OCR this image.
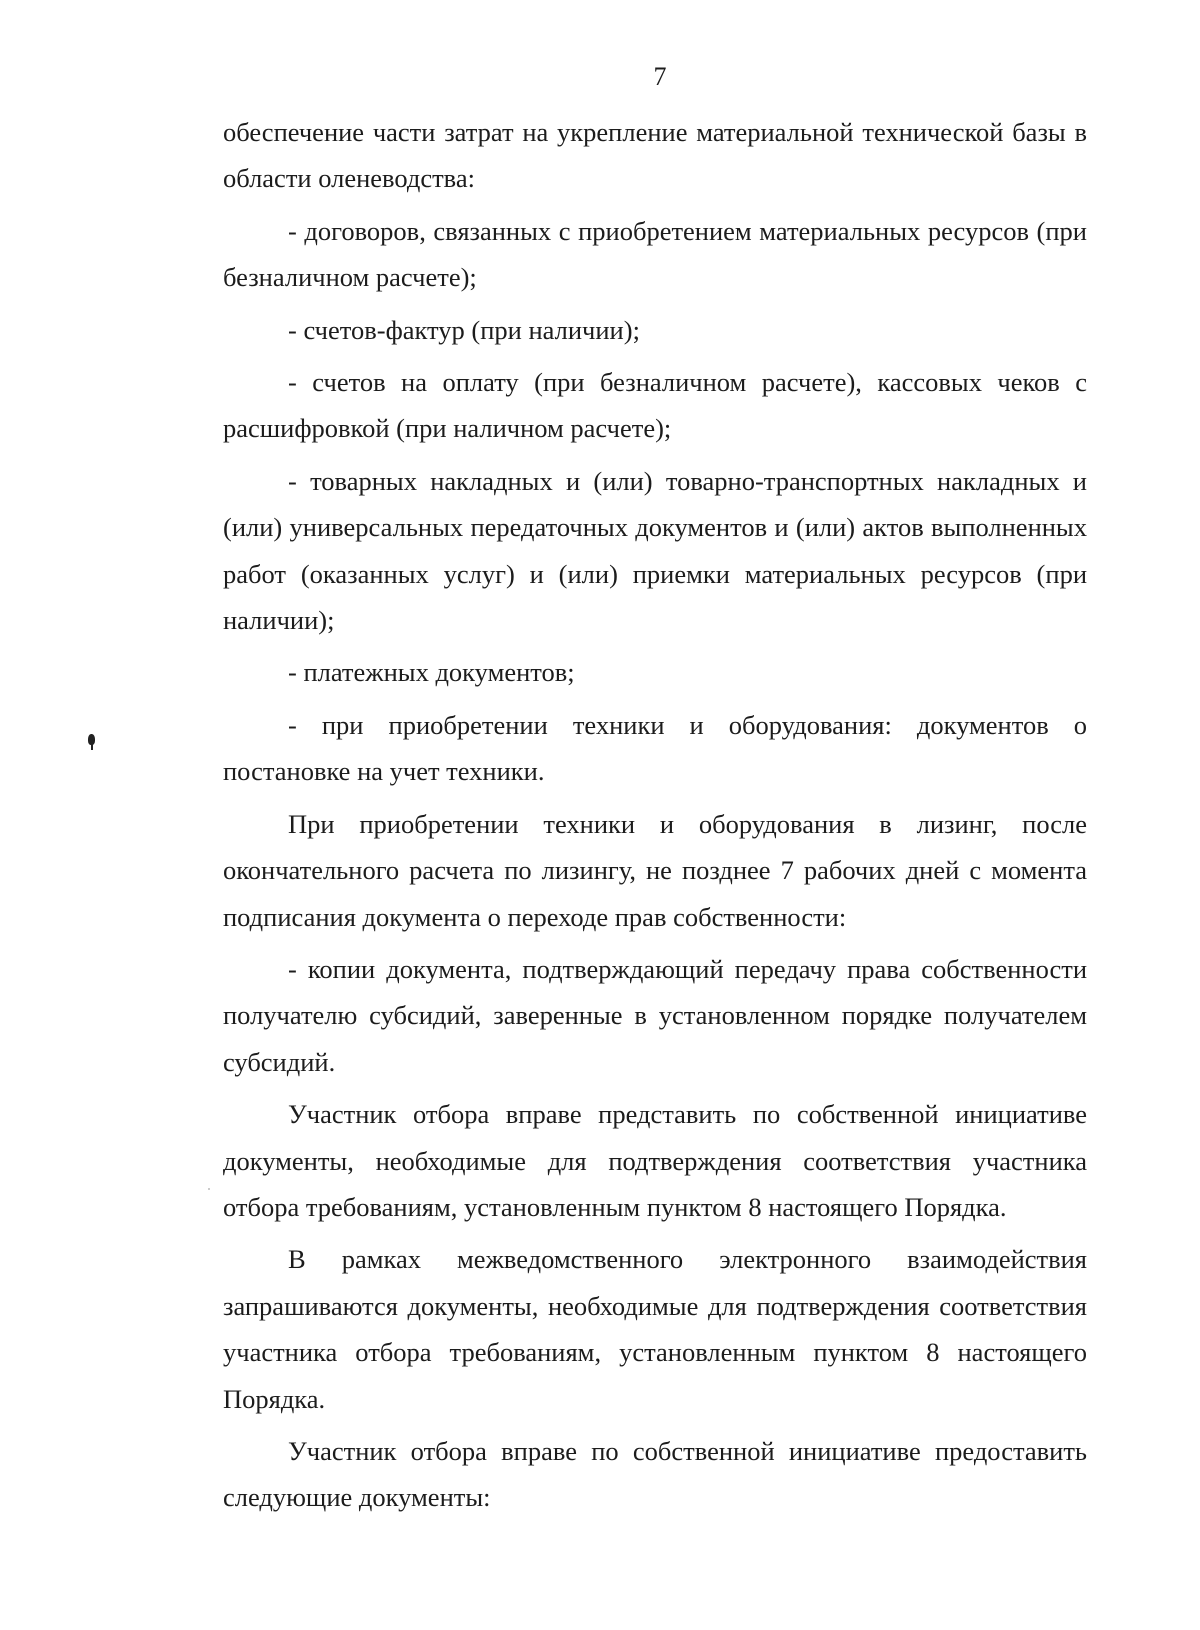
7

обеспечение части затрат на укрепление материальной технической базы в области оленеводства:

- договоров, связанных с приобретением материальных ресурсов (при безналичном расчете);

- счетов-фактур (при наличии);

- счетов на оплату (при безналичном расчете), кассовых чеков с расшифровкой (при наличном расчете);

- товарных накладных и (или) товарно-транспортных накладных и (или) универсальных передаточных документов и (или) актов выполненных работ (оказанных услуг) и (или) приемки материальных ресурсов (при наличии);

- платежных документов;

- при приобретении техники и оборудования: документов о постановке на учет техники.

При приобретении техники и оборудования в лизинг, после окончательного расчета по лизингу, не позднее 7 рабочих дней с момента подписания документа о переходе прав собственности:

- копии документа, подтверждающий передачу права собственности получателю субсидий, заверенные в установленном порядке получателем субсидий.

Участник отбора вправе представить по собственной инициативе документы, необходимые для подтверждения соответствия участника отбора требованиям, установленным пунктом 8 настоящего Порядка.

В рамках межведомственного электронного взаимодействия запрашиваются документы, необходимые для подтверждения соответствия участника отбора требованиям, установленным пунктом 8 настоящего Порядка.

Участник отбора вправе по собственной инициативе предоставить следующие документы:
